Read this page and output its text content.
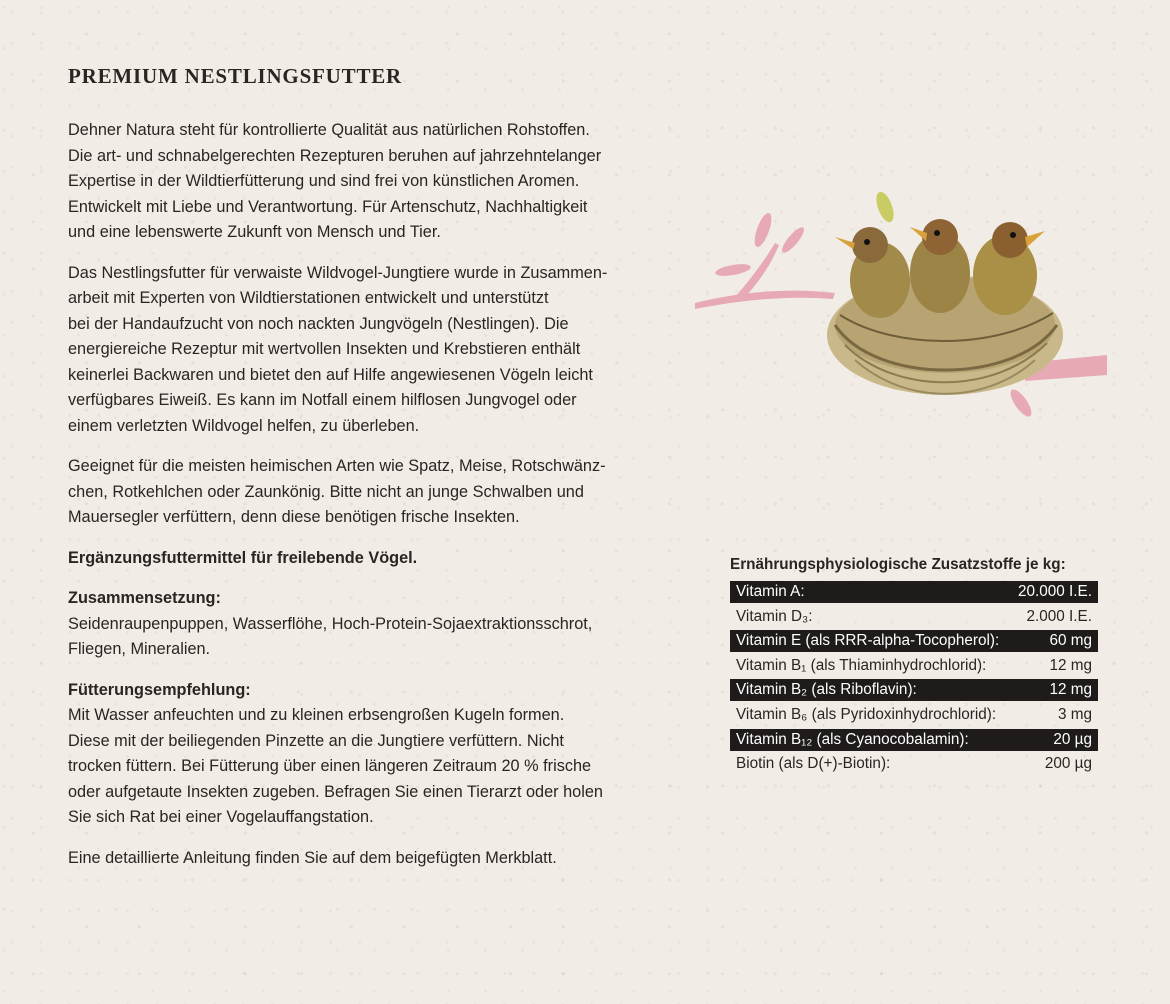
PREMIUM NESTLINGSFUTTER

Dehner Natura steht für kontrollierte Qualität aus natürlichen Rohstoffen.
Die art- und schnabelgerechten Rezepturen beruhen auf jahrzehntelanger
Expertise in der Wildtierfütterung und sind frei von künstlichen Aromen.
Entwickelt mit Liebe und Verantwortung. Für Artenschutz, Nachhaltigkeit
und eine lebenswerte Zukunft von Mensch und Tier.

Das Nestlingsfutter für verwaiste Wildvogel-Jungtiere wurde in Zusammen-
arbeit mit Experten von Wildtierstationen entwickelt und unterstützt
bei der Handaufzucht von noch nackten Jungvögeln (Nestlingen). Die
energiereiche Rezeptur mit wertvollen Insekten und Krebstieren enthält
keinerlei Backwaren und bietet den auf Hilfe angewiesenen Vögeln leicht
verfügbares Eiweiß. Es kann im Notfall einem hilflosen Jungvogel oder
einem verletzten Wildvogel helfen, zu überleben.

Geeignet für die meisten heimischen Arten wie Spatz, Meise, Rotschwänz-
chen, Rotkehlchen oder Zaunkönig. Bitte nicht an junge Schwalben und
Mauersegler verfüttern, denn diese benötigen frische Insekten.

Ergänzungsfuttermittel für freilebende Vögel.

Zusammensetzung:
Seidenraupenpuppen, Wasserflöhe, Hoch-Protein-Sojaextraktionsschrot,
Fliegen, Mineralien.
Fütterungsempfehlung:
Mit Wasser anfeuchten und zu kleinen erbsengroßen Kugeln formen.
Diese mit der beiliegenden Pinzette an die Jungtiere verfüttern. Nicht
trocken füttern. Bei Fütterung über einen längeren Zeitraum 20 % frische
oder aufgetaute Insekten zugeben. Befragen Sie einen Tierarzt oder holen
Sie sich Rat bei einer Vogelauffangstation.

Eine detaillierte Anleitung finden Sie auf dem beigefügten Merkblatt.

Ernährungsphysiologische Zusatzstoffe je kg:
Vitamin A:	20.000 I.E.
Vitamin D₃:	2.000 I.E.
Vitamin E (als RRR-alpha-Tocopherol):	60 mg
Vitamin B₁ (als Thiaminhydrochlorid):	12 mg
Vitamin B₂ (als Riboflavin):	12 mg
Vitamin B₆ (als Pyridoxinhydrochlorid):	3 mg
Vitamin B₁₂ (als Cyanocobalamin):	20 µg
Biotin (als D(+)-Biotin):	200 µg
